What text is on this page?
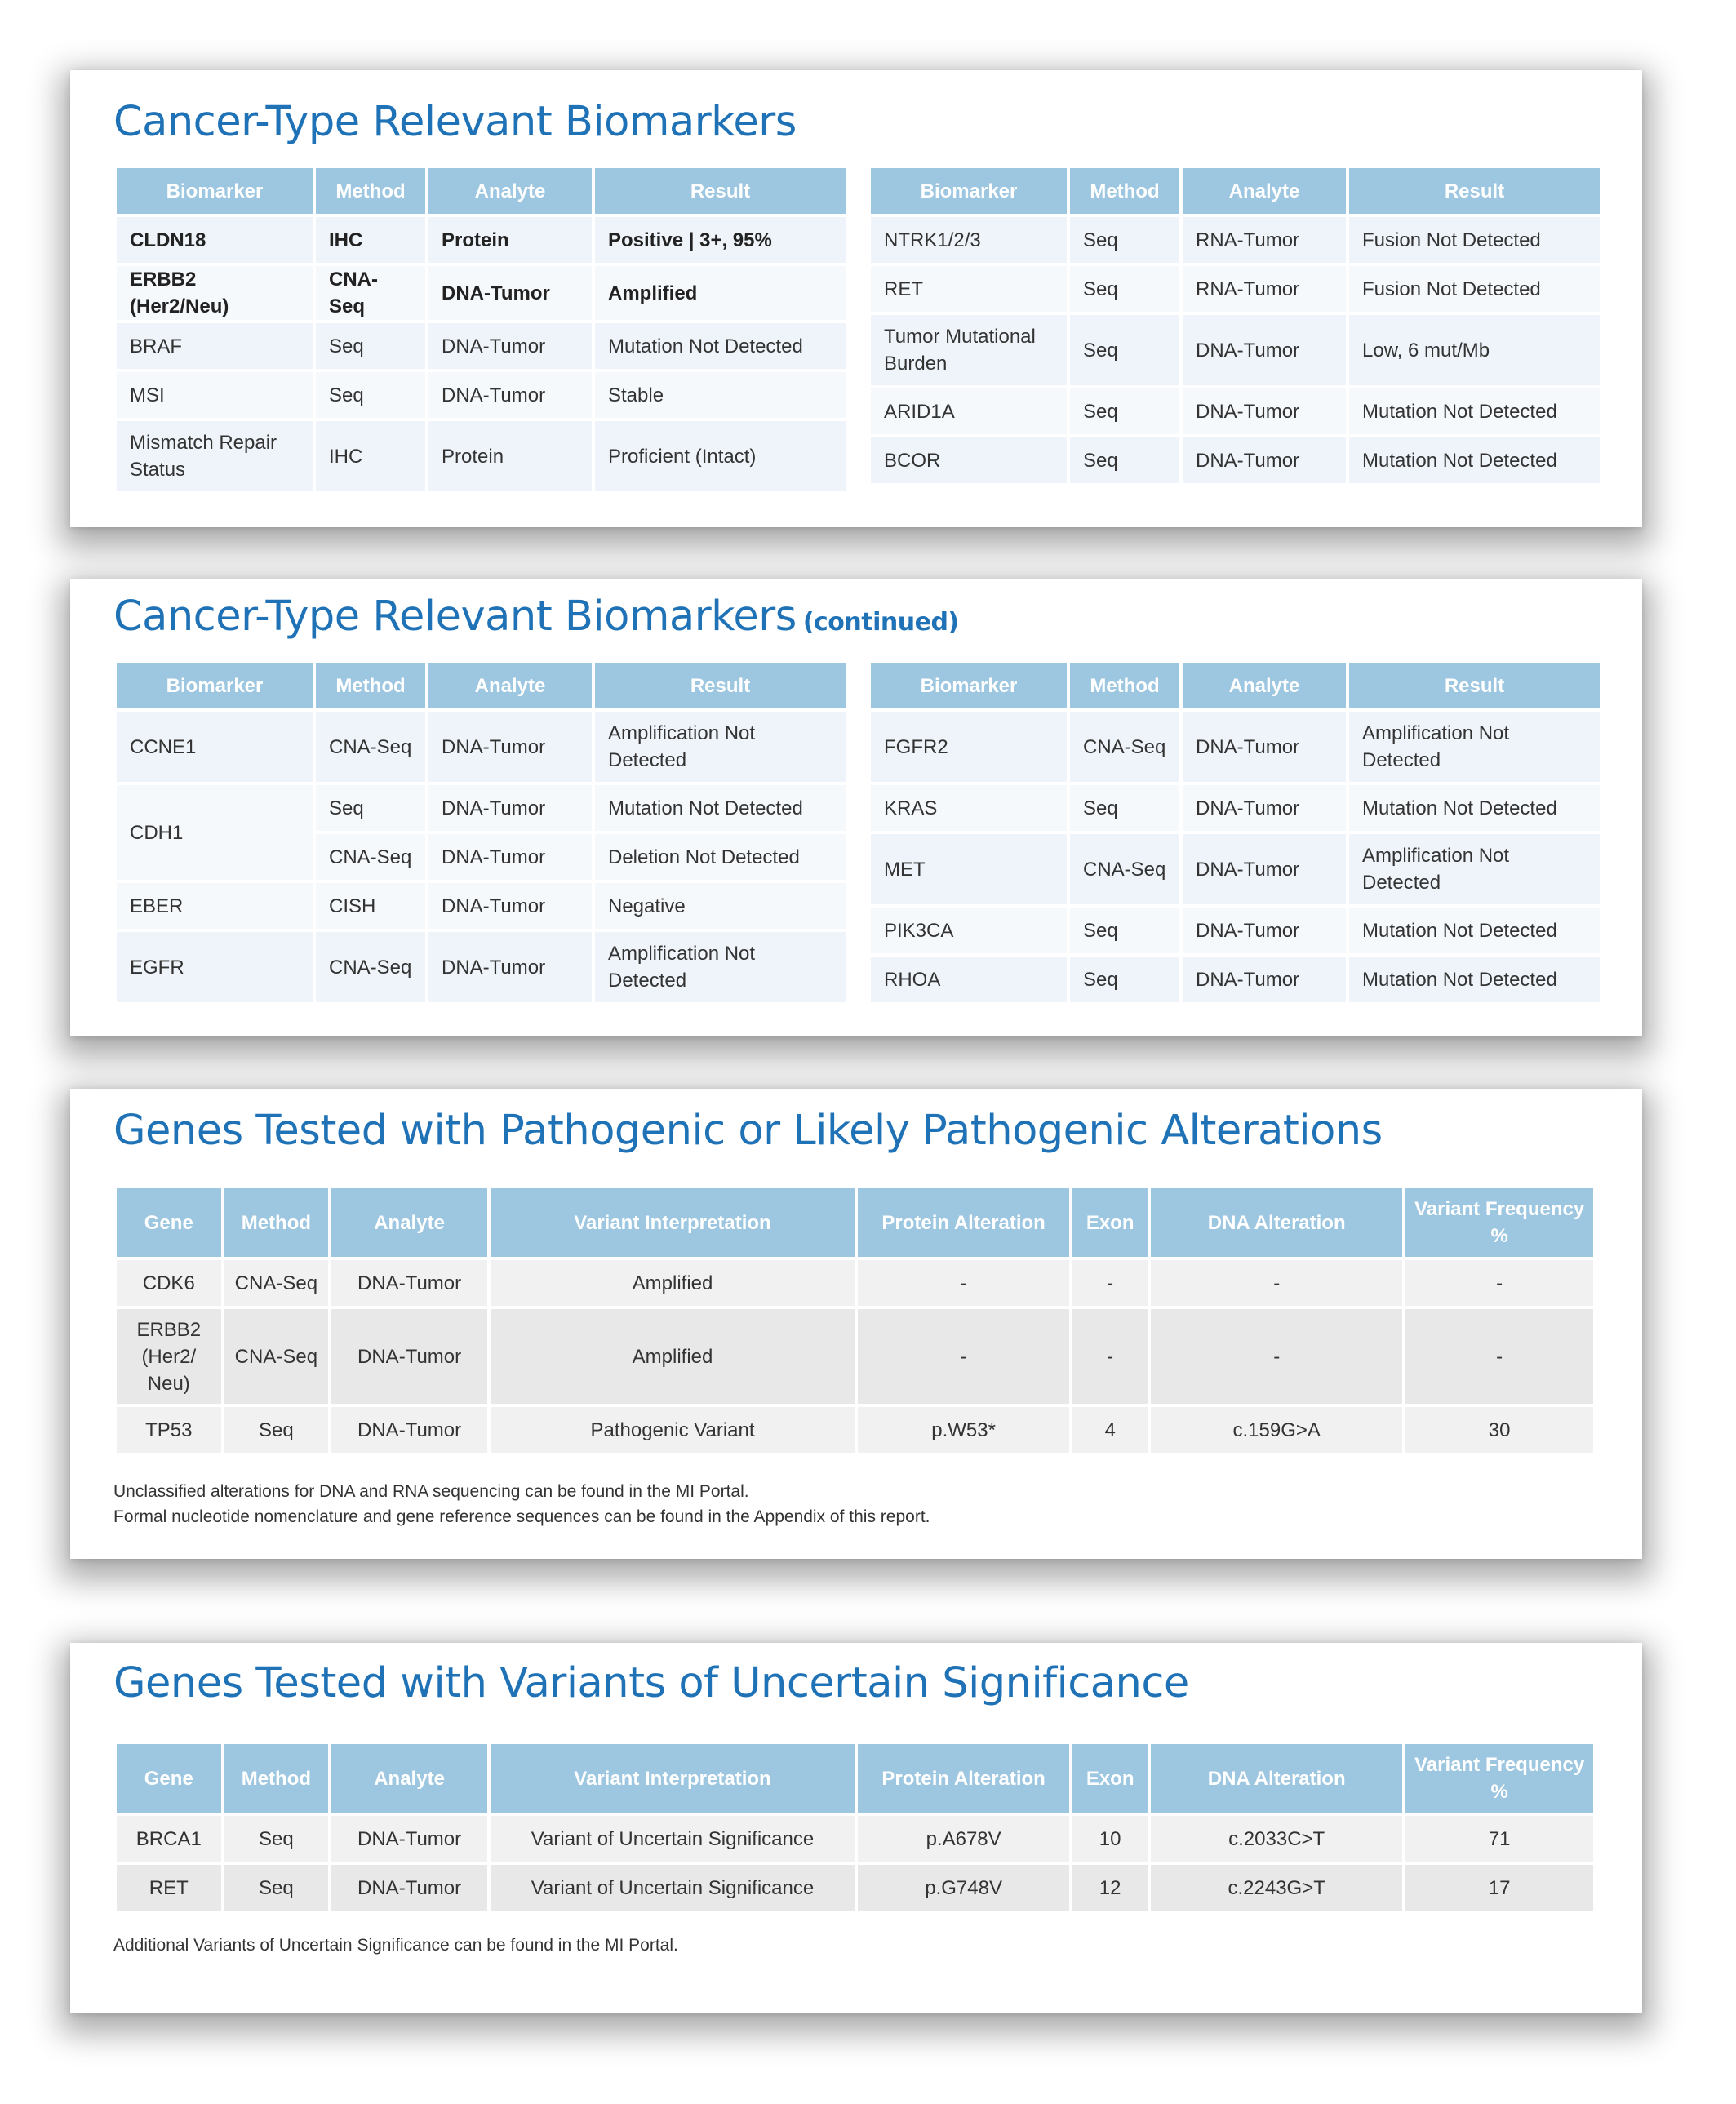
Cancer-Type Relevant Biomarkers
Biomarker	Method	Analyte	Result
CLDN18	IHC	Protein	Positive | 3+, 95%
ERBB2 (Her2/Neu)	CNA-Seq	DNA-Tumor	Amplified
BRAF	Seq	DNA-Tumor	Mutation Not Detected
MSI	Seq	DNA-Tumor	Stable
Mismatch Repair Status	IHC	Protein	Proficient (Intact)
Biomarker	Method	Analyte	Result
NTRK1/2/3	Seq	RNA-Tumor	Fusion Not Detected
RET	Seq	RNA-Tumor	Fusion Not Detected
Tumor Mutational Burden	Seq	DNA-Tumor	Low, 6 mut/Mb
ARID1A	Seq	DNA-Tumor	Mutation Not Detected
BCOR	Seq	DNA-Tumor	Mutation Not Detected
Cancer-Type Relevant Biomarkers (continued)
Biomarker	Method	Analyte	Result
CCNE1	CNA-Seq	DNA-Tumor	Amplification Not Detected
CDH1	Seq	DNA-Tumor	Mutation Not Detected
	CNA-Seq	DNA-Tumor	Deletion Not Detected
EBER	CISH	DNA-Tumor	Negative
EGFR	CNA-Seq	DNA-Tumor	Amplification Not Detected
Biomarker	Method	Analyte	Result
FGFR2	CNA-Seq	DNA-Tumor	Amplification Not Detected
KRAS	Seq	DNA-Tumor	Mutation Not Detected
MET	CNA-Seq	DNA-Tumor	Amplification Not Detected
PIK3CA	Seq	DNA-Tumor	Mutation Not Detected
RHOA	Seq	DNA-Tumor	Mutation Not Detected
Genes Tested with Pathogenic or Likely Pathogenic Alterations
Gene	Method	Analyte	Variant Interpretation	Protein Alteration	Exon	DNA Alteration	Variant Frequency %
CDK6	CNA-Seq	DNA-Tumor	Amplified	-	-	-	-
ERBB2 (Her2/ Neu)	CNA-Seq	DNA-Tumor	Amplified	-	-	-	-
TP53	Seq	DNA-Tumor	Pathogenic Variant	p.W53*	4	c.159G>A	30
Unclassified alterations for DNA and RNA sequencing can be found in the MI Portal.
Formal nucleotide nomenclature and gene reference sequences can be found in the Appendix of this report.
Genes Tested with Variants of Uncertain Significance
Gene	Method	Analyte	Variant Interpretation	Protein Alteration	Exon	DNA Alteration	Variant Frequency %
BRCA1	Seq	DNA-Tumor	Variant of Uncertain Significance	p.A678V	10	c.2033C>T	71
RET	Seq	DNA-Tumor	Variant of Uncertain Significance	p.G748V	12	c.2243G>T	17
Additional Variants of Uncertain Significance can be found in the MI Portal.
